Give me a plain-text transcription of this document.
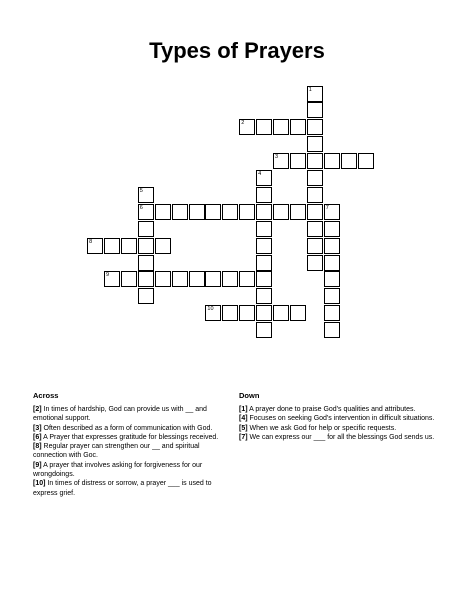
Types of Prayers
1
2
3
4
5
6	7
8
9
10
Across

[2] In times of hardship, God can provide us with __ and emotional support.

[3] Often described as a form of communication with God.

[6] A Prayer that expresses gratitude for blessings received.

[8] Regular prayer can strengthen our __ and spiritual connection with Goc.

[9] A prayer that involves asking for forgiveness for our wrongdoings.

[10] In times of distress or sorrow, a prayer ___ is used to express grief.

Down

[1] A prayer done to praise God's qualities and attributes.

[4] Focuses on seeking God's intervention in difficult situations.

[5] When we ask God for help or specific requests.

[7] We can express our ___ for all the blessings God sends us.
